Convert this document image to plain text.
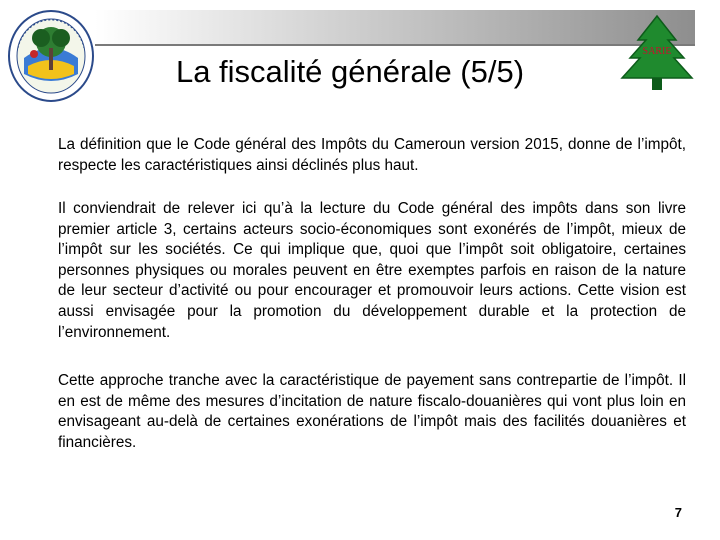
SARIE
La fiscalité générale (5/5)

La définition que le Code général des Impôts du Cameroun version 2015, donne de l’impôt, respecte les caractéristiques ainsi déclinés plus haut.

Il conviendrait de relever ici qu’à la lecture du Code général des impôts dans son livre premier article 3, certains acteurs socio-économiques sont exonérés de l’impôt, mieux de l’impôt sur les sociétés. Ce qui implique que, quoi que l’impôt soit obligatoire, certaines personnes physiques ou morales peuvent en être exemptes parfois en raison de la nature de leur secteur d’activité ou pour encourager et promouvoir leurs actions. Cette vision est aussi envisagée pour la promotion du développement durable et la protection de l’environnement.

Cette approche tranche avec la caractéristique de payement sans contrepartie de l’impôt. Il en est de même des mesures d’incitation de nature fiscalo-douanières qui vont plus loin en envisageant au-delà de certaines exonérations de l’impôt mais des facilités douanières et financières.

7
